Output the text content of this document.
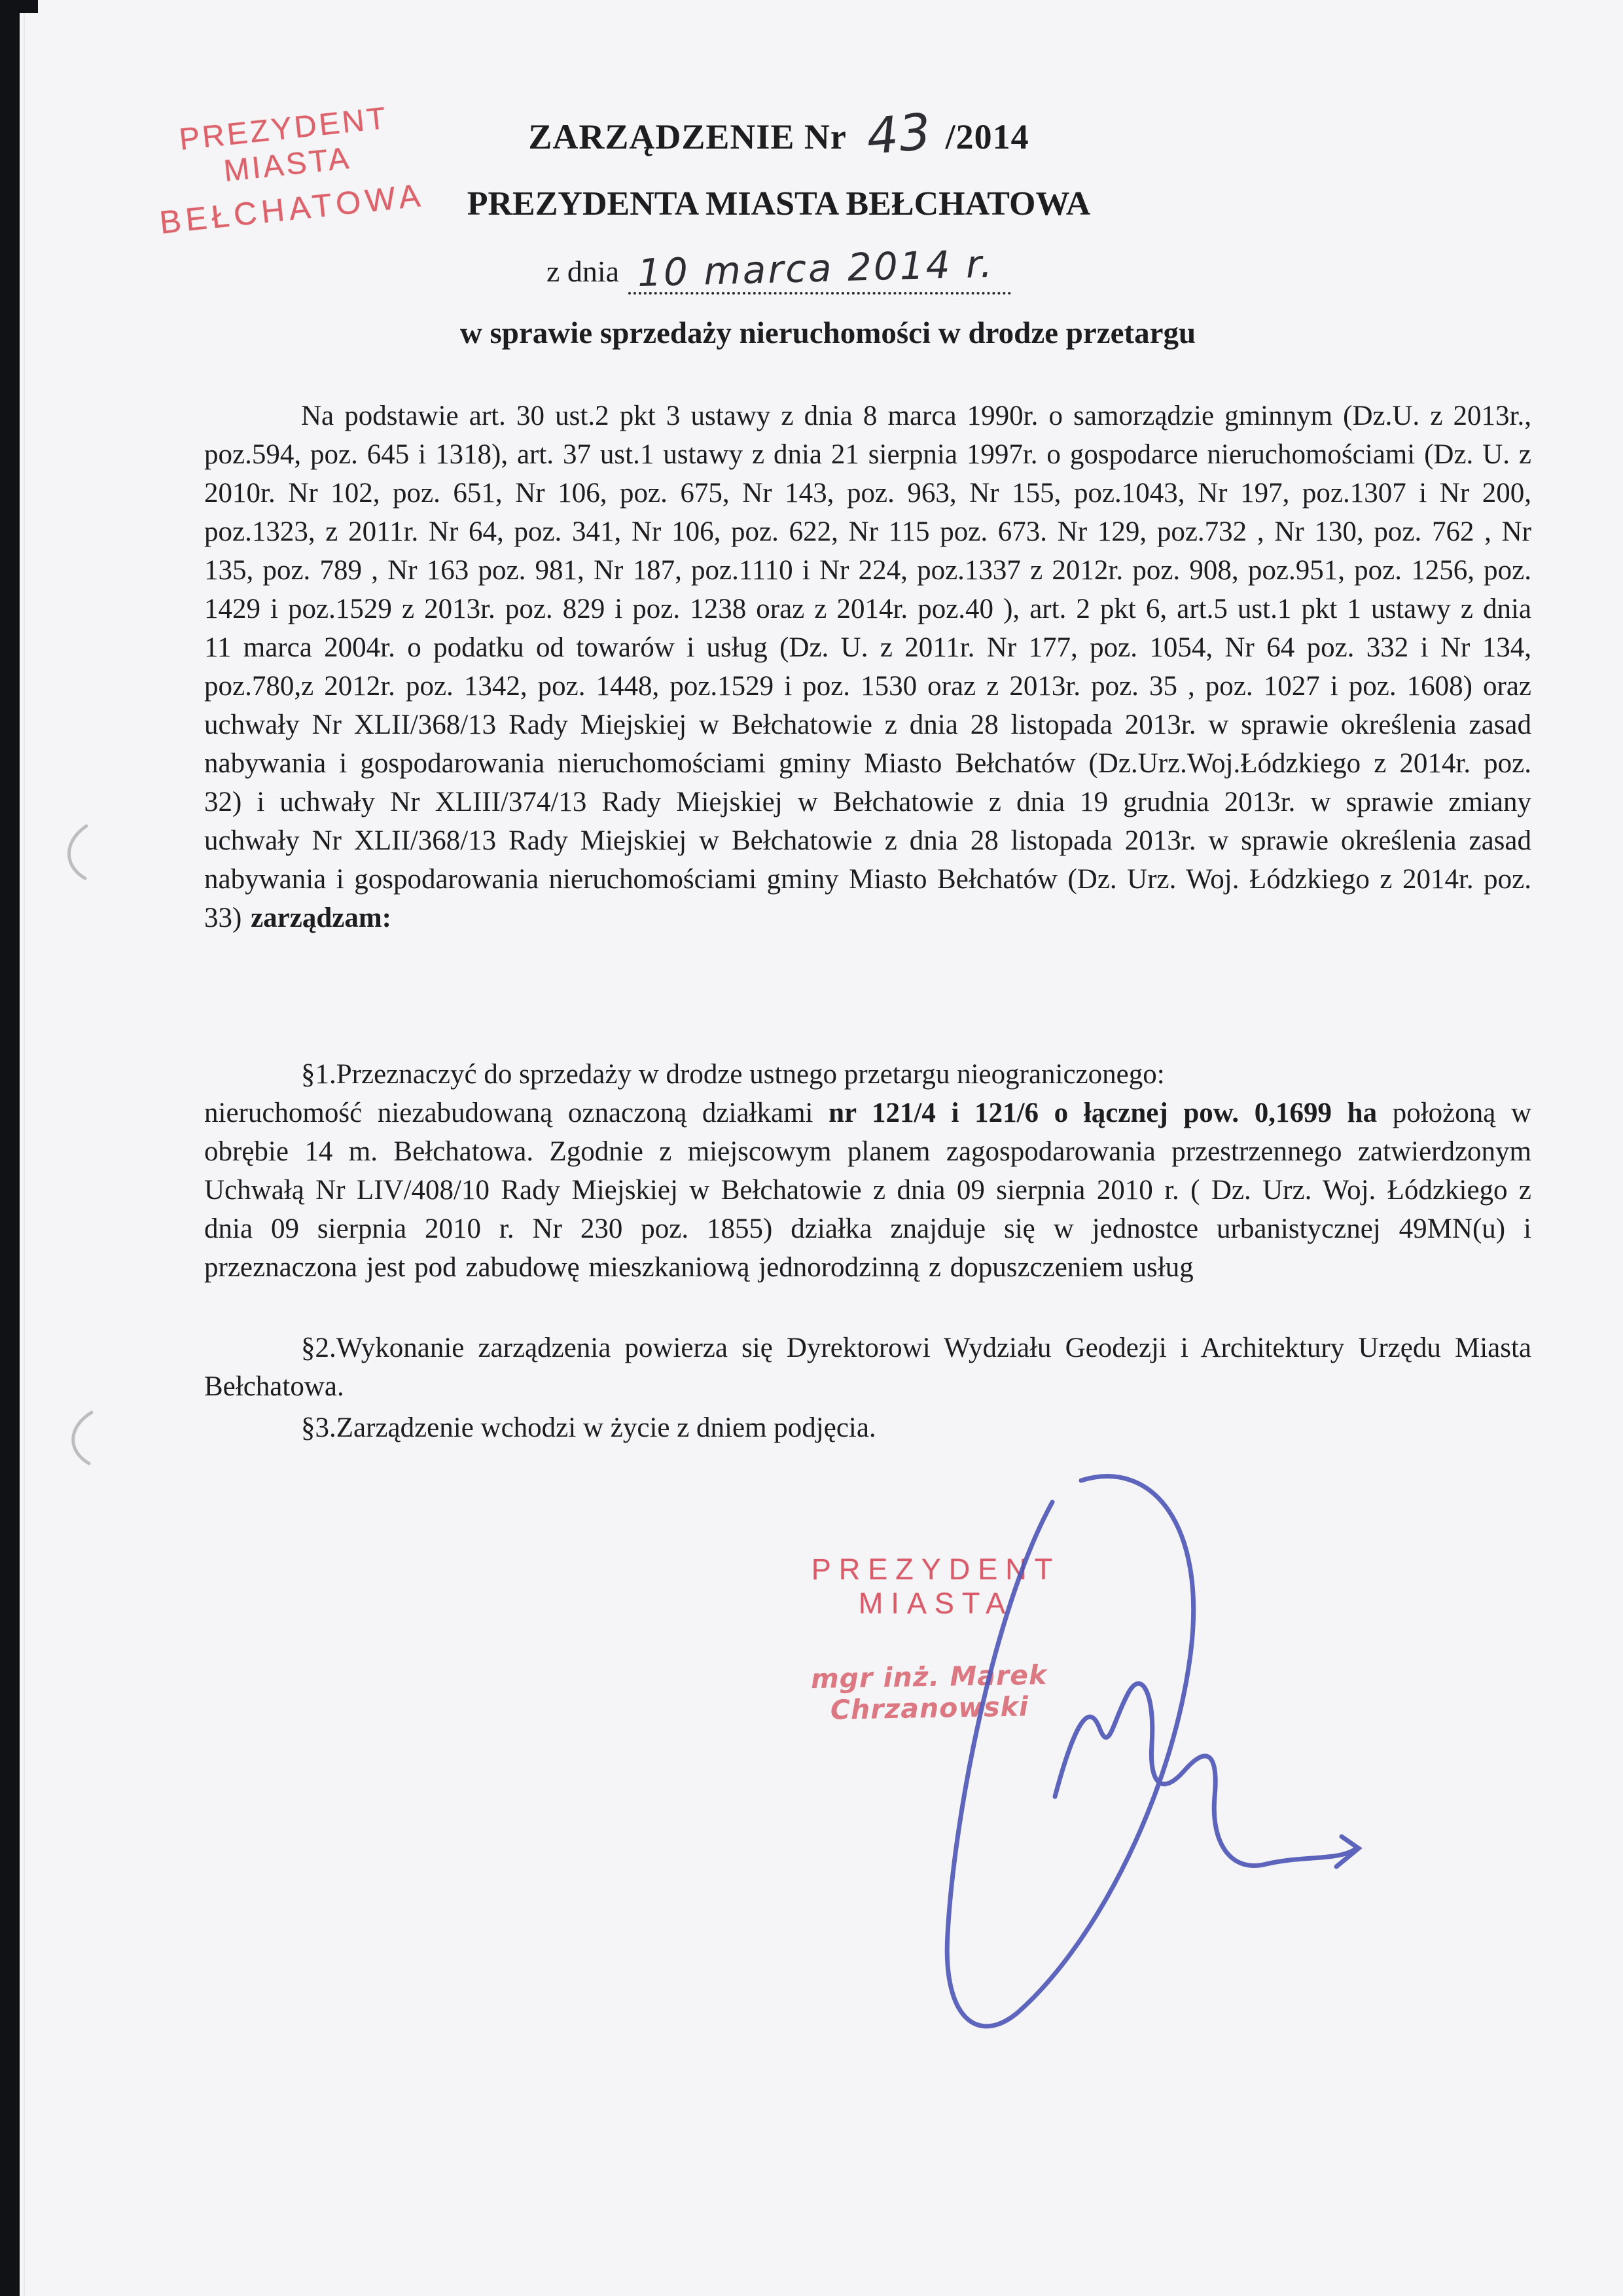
PREZYDENT MIASTA
BEŁCHATOWA
ZARZĄDZENIE Nr 43 /2014
PREZYDENTA MIASTA BEŁCHATOWA
z dnia 10 marca 2014 r.
w sprawie sprzedaży nieruchomości w drodze przetargu
Na podstawie art. 30 ust.2 pkt 3 ustawy z dnia 8 marca 1990r. o samorządzie gminnym (Dz.U. z 2013r., poz.594, poz. 645 i 1318), art. 37 ust.1 ustawy z dnia 21 sierpnia 1997r. o gospodarce nieruchomościami (Dz. U. z 2010r. Nr 102, poz. 651, Nr 106, poz. 675, Nr 143, poz. 963, Nr 155, poz.1043, Nr 197, poz.1307 i Nr 200, poz.1323, z 2011r. Nr 64, poz. 341, Nr 106, poz. 622, Nr 115 poz. 673. Nr 129, poz.732 , Nr 130, poz. 762 , Nr 135, poz. 789 , Nr 163 poz. 981, Nr 187, poz.1110 i Nr 224, poz.1337 z 2012r. poz. 908, poz.951, poz. 1256, poz. 1429 i poz.1529 z 2013r. poz. 829 i poz. 1238 oraz z 2014r. poz.40 ), art. 2 pkt 6, art.5 ust.1 pkt 1 ustawy z dnia 11 marca 2004r. o podatku od towarów i usług (Dz. U. z 2011r. Nr 177, poz. 1054, Nr 64 poz. 332 i Nr 134, poz.780,z 2012r. poz. 1342, poz. 1448, poz.1529 i poz. 1530 oraz z 2013r. poz. 35 , poz. 1027 i poz. 1608) oraz uchwały Nr XLII/368/13 Rady Miejskiej w Bełchatowie z dnia 28 listopada 2013r. w sprawie określenia zasad nabywania i gospodarowania nieruchomościami gminy Miasto Bełchatów (Dz.Urz.Woj.Łódzkiego z 2014r. poz. 32) i uchwały Nr XLIII/374/13 Rady Miejskiej w Bełchatowie z dnia 19 grudnia 2013r. w sprawie zmiany uchwały Nr XLII/368/13 Rady Miejskiej w Bełchatowie z dnia 28 listopada 2013r. w sprawie określenia zasad nabywania i gospodarowania nieruchomościami gminy Miasto Bełchatów (Dz. Urz. Woj. Łódzkiego z 2014r. poz. 33) zarządzam:
§1.Przeznaczyć do sprzedaży w drodze ustnego przetargu nieograniczonego:
nieruchomość niezabudowaną oznaczoną działkami nr 121/4 i 121/6 o łącznej pow. 0,1699 ha położoną w obrębie 14 m. Bełchatowa. Zgodnie z miejscowym planem zagospodarowania przestrzennego zatwierdzonym Uchwałą Nr LIV/408/10 Rady Miejskiej w Bełchatowie z dnia 09 sierpnia 2010 r. ( Dz. Urz. Woj. Łódzkiego z dnia 09 sierpnia 2010 r. Nr 230 poz. 1855) działka znajduje się w jednostce urbanistycznej 49MN(u) i przeznaczona jest pod zabudowę mieszkaniową jednorodzinną z dopuszczeniem usług
§2.Wykonanie zarządzenia powierza się Dyrektorowi Wydziału Geodezji i Architektury Urzędu Miasta Bełchatowa.
§3.Zarządzenie wchodzi w życie z dniem podjęcia.
PREZYDENT MIASTA
mgr inż. Marek Chrzanowski
